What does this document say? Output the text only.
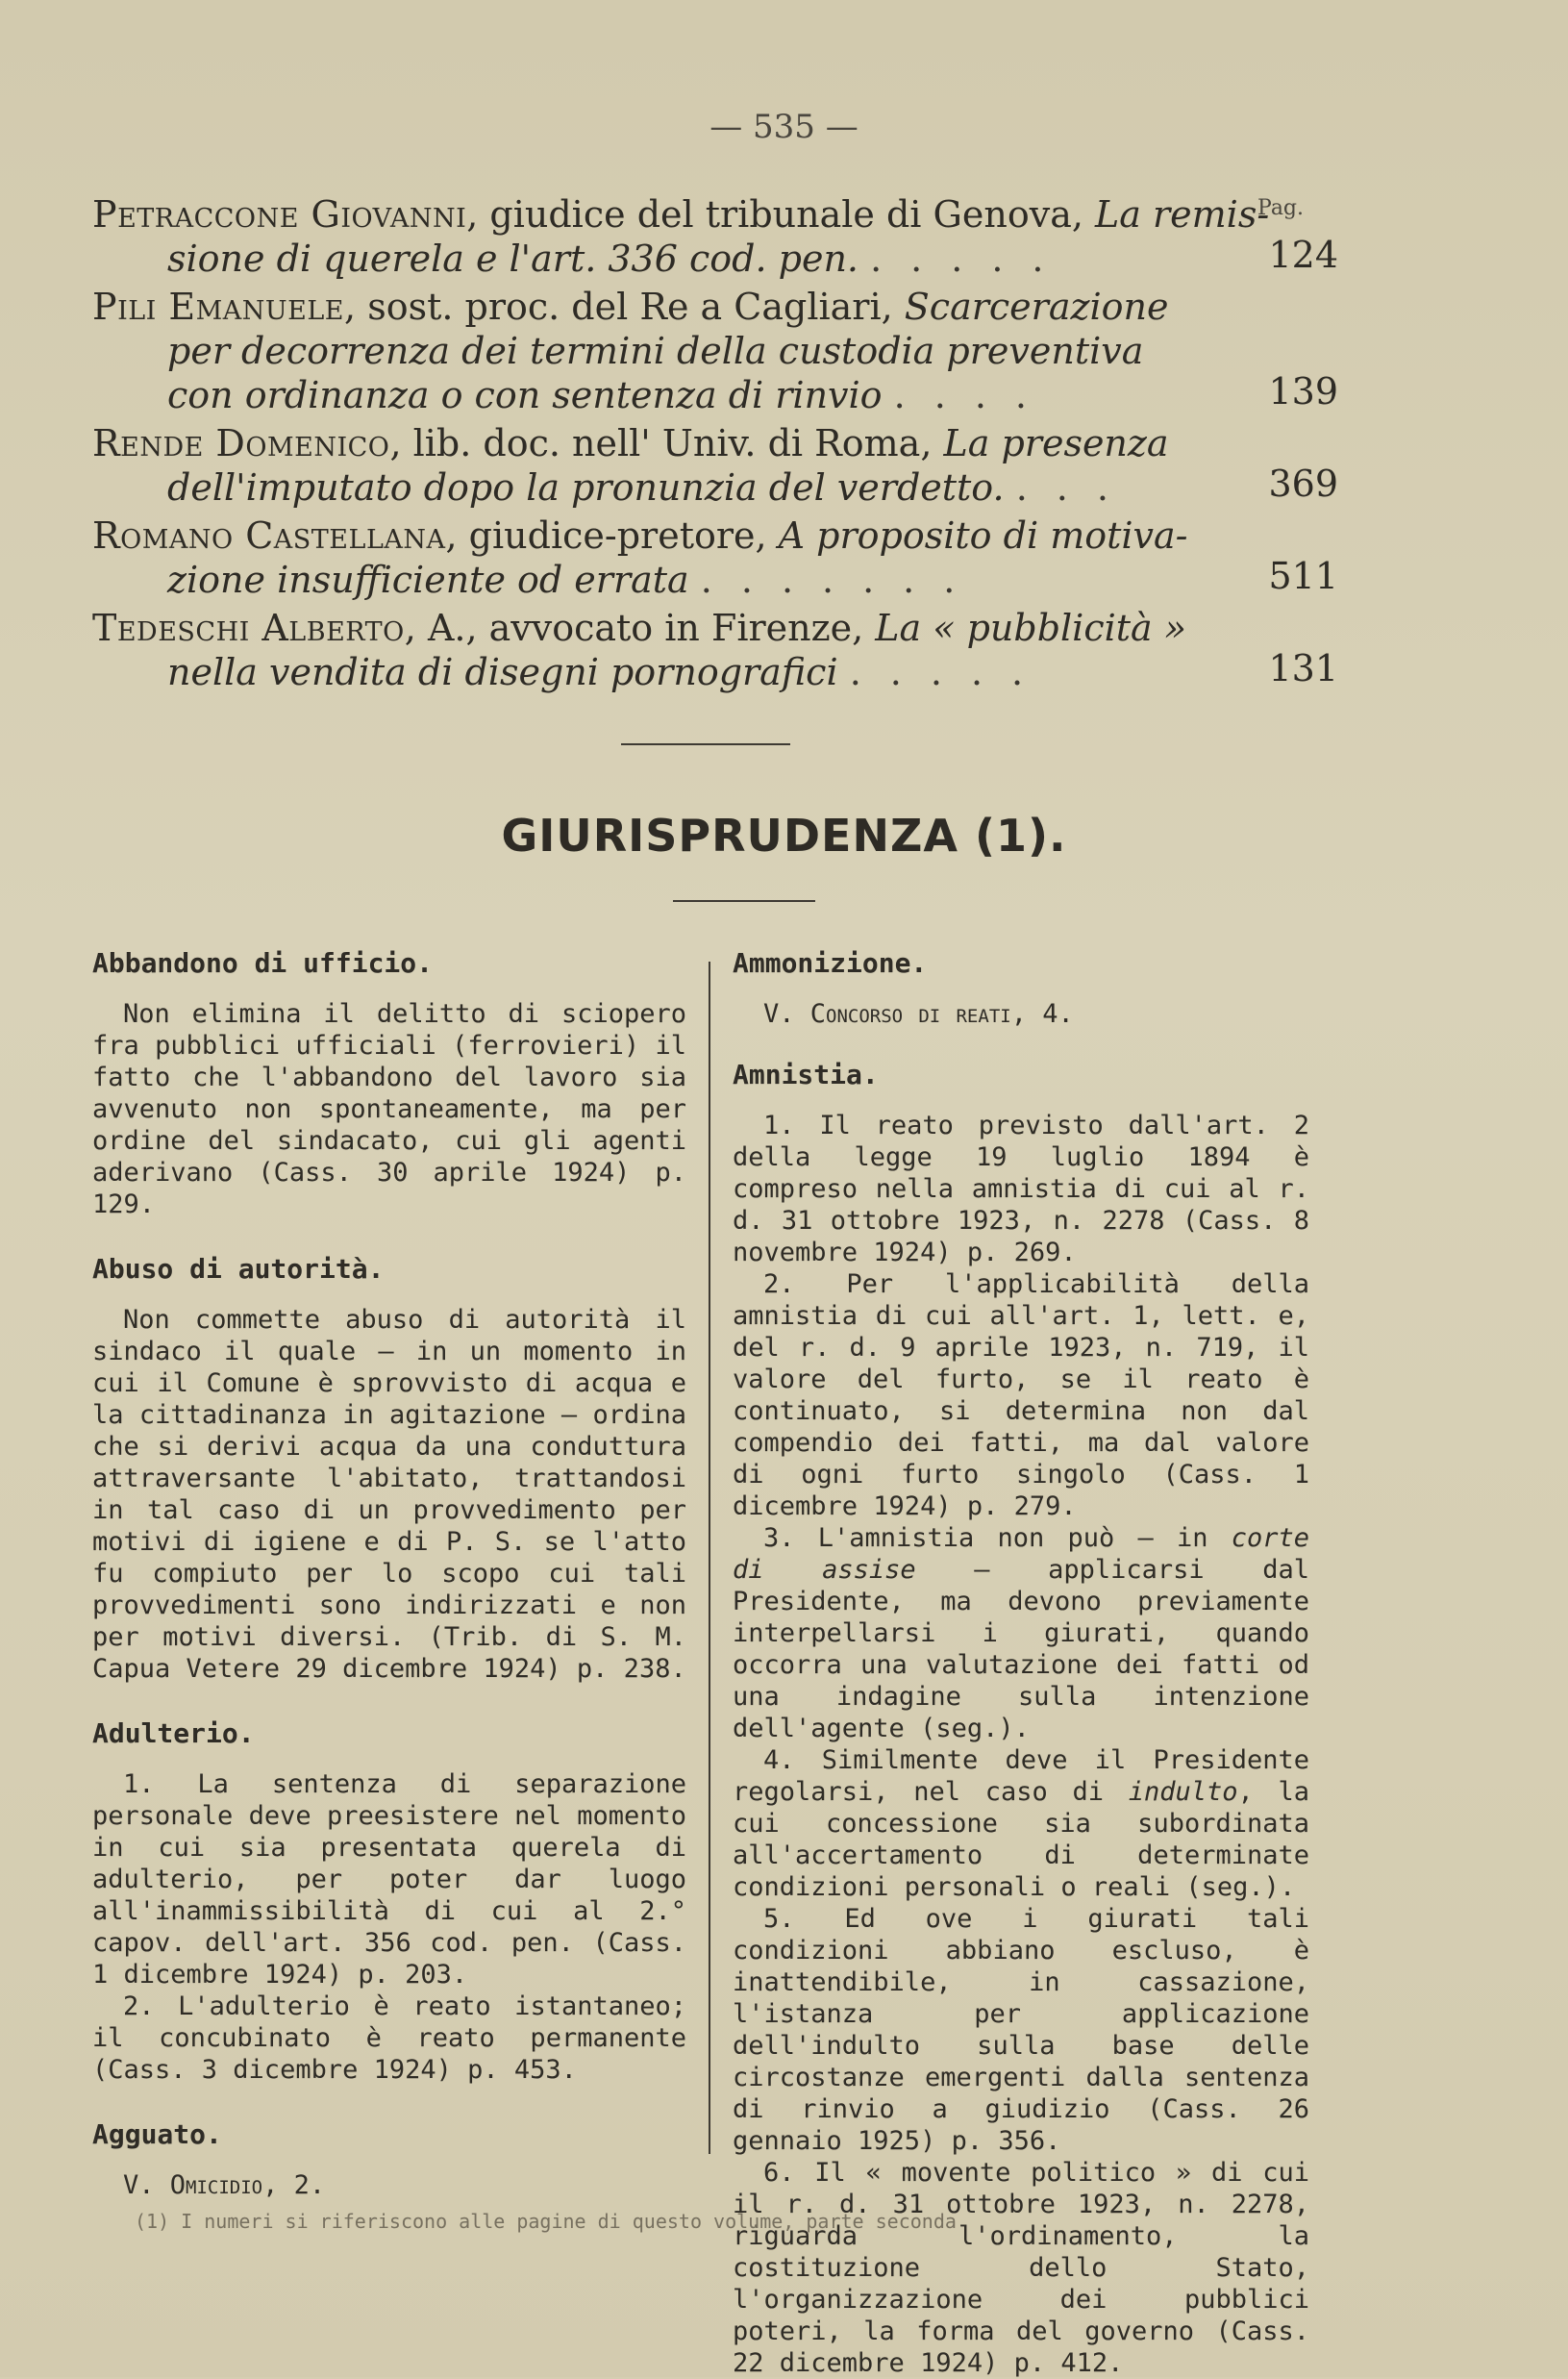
— 535 —
Pag.
Petraccone Giovanni, giudice del tribunale di Genova, La remis-
sione di querela e l'art. 336 cod. pen. .....	124
Pili Emanuele, sost. proc. del Re a Cagliari, Scarcerazione
per decorrenza dei termini della custodia preventiva
con ordinanza o con sentenza di rinvio ....	139
Rende Domenico, lib. doc. nell' Univ. di Roma, La presenza
dell'imputato dopo la pronunzia del verdetto. ...	369
Romano Castellana, giudice-pretore, A proposito di motiva-
zione insufficiente od errata .......	511
Tedeschi Alberto, A., avvocato in Firenze, La « pubblicità »
nella vendita di disegni pornografici .....	131
GIURISPRUDENZA (1).
Abbandono di ufficio.

Non elimina il delitto di sciopero fra pubblici ufficiali (ferrovieri) il fatto che l'abbandono del lavoro sia avvenuto non spontaneamente, ma per ordine del sindacato, cui gli agenti aderivano (Cass. 30 aprile 1924) p. 129.

Abuso di autorità.

Non commette abuso di autorità il sindaco il quale — in un momento in cui il Comune è sprovvisto di acqua e la cittadinanza in agitazione — ordina che si derivi acqua da una conduttura attraversante l'abitato, trattandosi in tal caso di un provvedimento per motivi di igiene e di P. S. se l'atto fu compiuto per lo scopo cui tali provvedimenti sono indirizzati e non per motivi diversi. (Trib. di S. M. Capua Vetere 29 dicembre 1924) p. 238.

Adulterio.

1. La sentenza di separazione personale deve preesistere nel momento in cui sia presentata querela di adulterio, per poter dar luogo all'inammissibilità di cui al 2.° capov. dell'art. 356 cod. pen. (Cass. 1 dicembre 1924) p. 203.

2. L'adulterio è reato istantaneo; il concubinato è reato permanente (Cass. 3 dicembre 1924) p. 453.

Agguato.

V. Omicidio, 2.

Ammonizione.

V. Concorso di reati, 4.

Amnistia.

1. Il reato previsto dall'art. 2 della legge 19 luglio 1894 è compreso nella amnistia di cui al r. d. 31 ottobre 1923, n. 2278 (Cass. 8 novembre 1924) p. 269.

2. Per l'applicabilità della amnistia di cui all'art. 1, lett. e, del r. d. 9 aprile 1923, n. 719, il valore del furto, se il reato è continuato, si determina non dal compendio dei fatti, ma dal valore di ogni furto singolo (Cass. 1 dicembre 1924) p. 279.

3. L'amnistia non può — in corte di assise — applicarsi dal Presidente, ma devono previamente interpellarsi i giurati, quando occorra una valutazione dei fatti od una indagine sulla intenzione dell'agente (seg.).

4. Similmente deve il Presidente regolarsi, nel caso di indulto, la cui concessione sia subordinata all'accertamento di determinate condizioni personali o reali (seg.).

5. Ed ove i giurati tali condizioni abbiano escluso, è inattendibile, in cassazione, l'istanza per applicazione dell'indulto sulla base delle circostanze emergenti dalla sentenza di rinvio a giudizio (Cass. 26 gennaio 1925) p. 356.

6. Il « movente politico » di cui il r. d. 31 ottobre 1923, n. 2278, riguarda l'ordinamento, la costituzione dello Stato, l'organizzazione dei pubblici poteri, la forma del governo (Cass. 22 dicembre 1924) p. 412.

(1) I numeri si riferiscono alle pagine di questo volume, parte seconda
